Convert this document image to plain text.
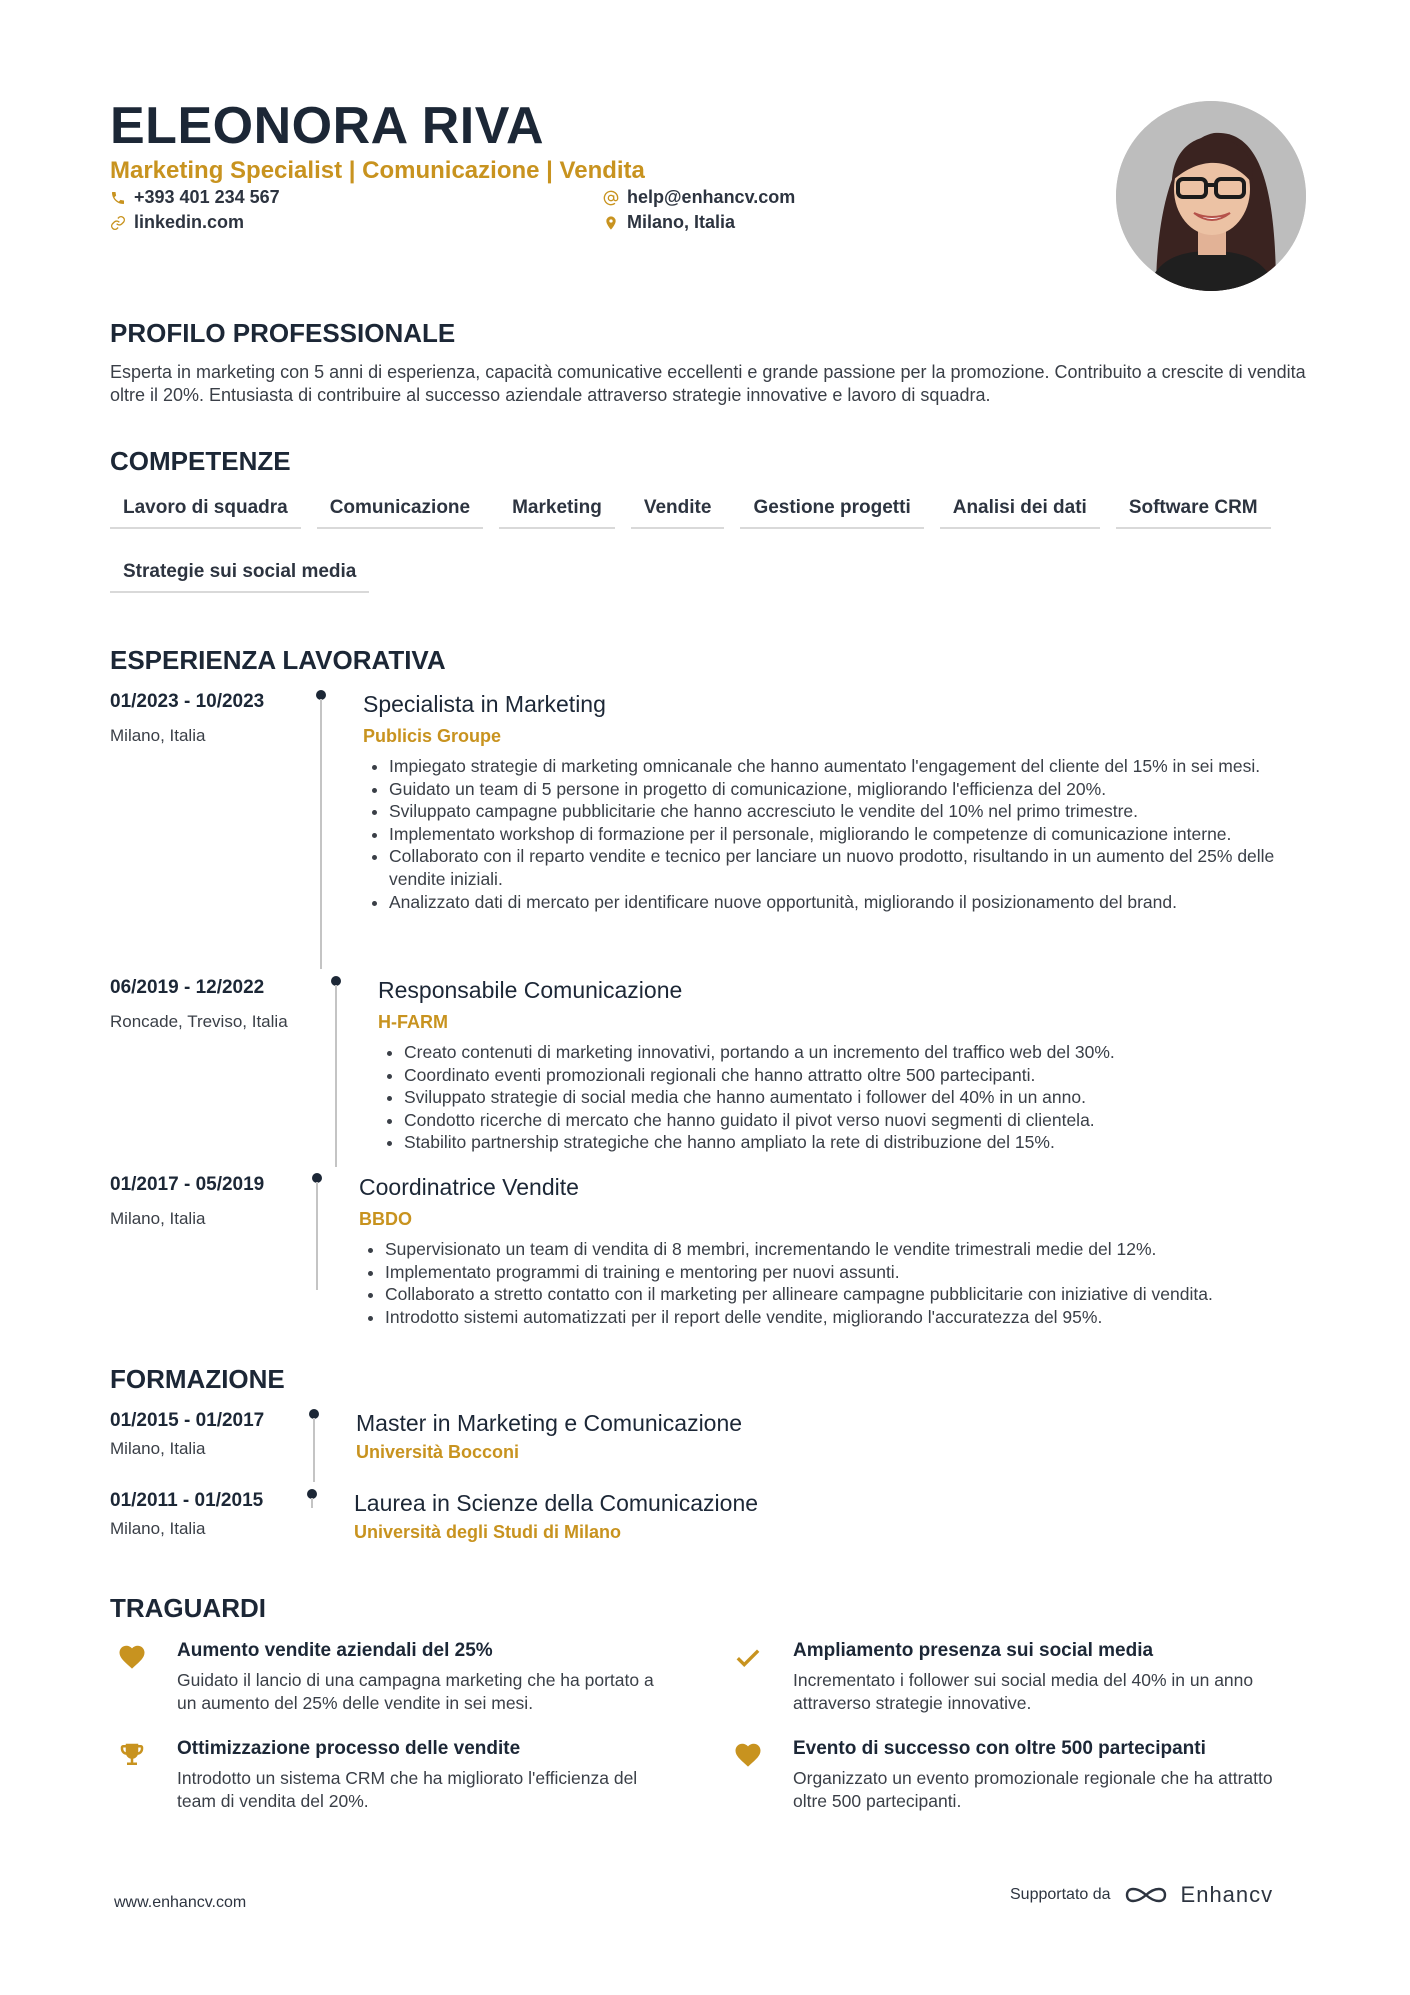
ELEONORA RIVA
Marketing Specialist | Comunicazione | Vendita
+393 401 234 567	help@enhancv.com
linkedin.com	Milano, Italia
PROFILO PROFESSIONALE
Esperta in marketing con 5 anni di esperienza, capacità comunicative eccellenti e grande passione per la promozione. Contribuito a crescite di vendita oltre il 20%. Entusiasta di contribuire al successo aziendale attraverso strategie innovative e lavoro di squadra.
COMPETENZE
Lavoro di squadra	Comunicazione	Marketing	Vendite	Gestione progetti	Analisi dei dati	Software CRM
Strategie sui social media
ESPERIENZA LAVORATIVA
01/2023 - 10/2023
Milano, Italia
Specialista in Marketing
Publicis Groupe
• Impiegato strategie di marketing omnicanale che hanno aumentato l'engagement del cliente del 15% in sei mesi.
• Guidato un team di 5 persone in progetto di comunicazione, migliorando l'efficienza del 20%.
• Sviluppato campagne pubblicitarie che hanno accresciuto le vendite del 10% nel primo trimestre.
• Implementato workshop di formazione per il personale, migliorando le competenze di comunicazione interne.
• Collaborato con il reparto vendite e tecnico per lanciare un nuovo prodotto, risultando in un aumento del 25% delle vendite iniziali.
• Analizzato dati di mercato per identificare nuove opportunità, migliorando il posizionamento del brand.
06/2019 - 12/2022
Roncade, Treviso, Italia
Responsabile Comunicazione
H-FARM
• Creato contenuti di marketing innovativi, portando a un incremento del traffico web del 30%.
• Coordinato eventi promozionali regionali che hanno attratto oltre 500 partecipanti.
• Sviluppato strategie di social media che hanno aumentato i follower del 40% in un anno.
• Condotto ricerche di mercato che hanno guidato il pivot verso nuovi segmenti di clientela.
• Stabilito partnership strategiche che hanno ampliato la rete di distribuzione del 15%.
01/2017 - 05/2019
Milano, Italia
Coordinatrice Vendite
BBDO
• Supervisionato un team di vendita di 8 membri, incrementando le vendite trimestrali medie del 12%.
• Implementato programmi di training e mentoring per nuovi assunti.
• Collaborato a stretto contatto con il marketing per allineare campagne pubblicitarie con iniziative di vendita.
• Introdotto sistemi automatizzati per il report delle vendite, migliorando l'accuratezza del 95%.
FORMAZIONE
01/2015 - 01/2017
Milano, Italia
Master in Marketing e Comunicazione
Università Bocconi
01/2011 - 01/2015
Milano, Italia
Laurea in Scienze della Comunicazione
Università degli Studi di Milano
TRAGUARDI
Aumento vendite aziendali del 25%
Guidato il lancio di una campagna marketing che ha portato a un aumento del 25% delle vendite in sei mesi.
Ampliamento presenza sui social media
Incrementato i follower sui social media del 40% in un anno attraverso strategie innovative.
Ottimizzazione processo delle vendite
Introdotto un sistema CRM che ha migliorato l'efficienza del team di vendita del 20%.
Evento di successo con oltre 500 partecipanti
Organizzato un evento promozionale regionale che ha attratto oltre 500 partecipanti.
www.enhancv.com	Supportato da	Enhancv
